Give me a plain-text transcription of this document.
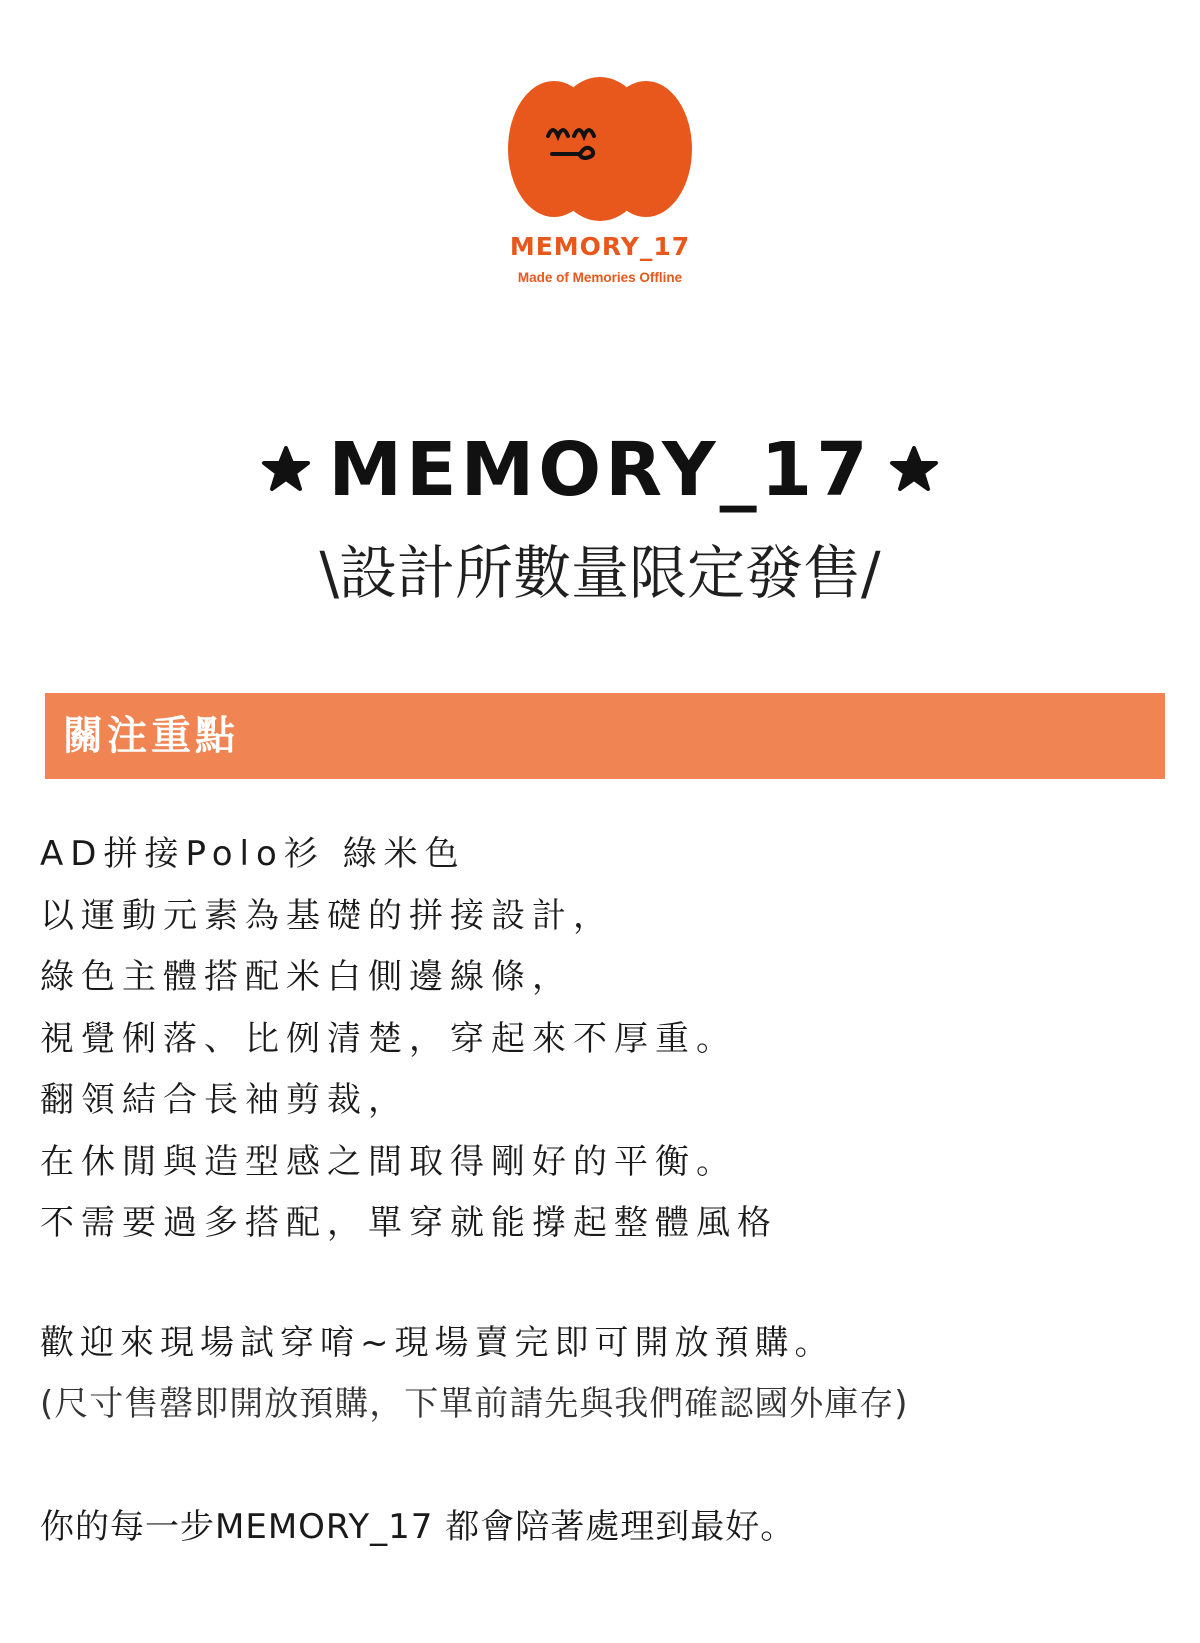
MEMORY_17
Made of Memories Offline
MEMORY_17
\設計所數量限定發售/
關注重點
AD拼接Polo衫 綠米色
以運動元素為基礎的拼接設計，
綠色主體搭配米白側邊線條，
視覺俐落、比例清楚，穿起來不厚重。
翻領結合長袖剪裁，
在休閒與造型感之間取得剛好的平衡。
不需要過多搭配，單穿就能撐起整體風格
歡迎來現場試穿唷~現場賣完即可開放預購。
(尺寸售罄即開放預購，下單前請先與我們確認國外庫存)
你的每一步MEMORY_17 都會陪著處理到最好。
